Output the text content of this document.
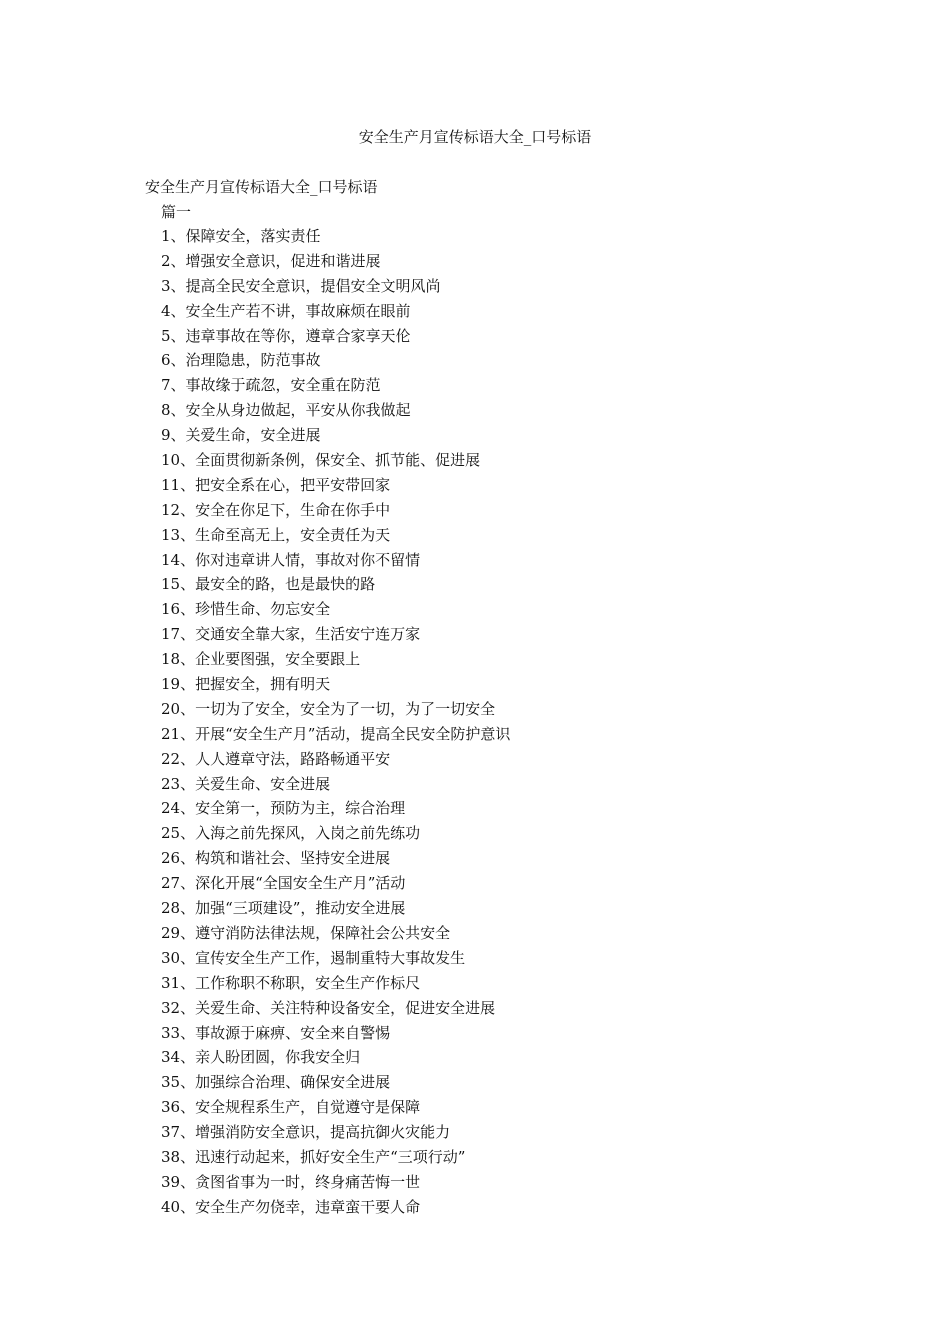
安全生产月宣传标语大全_口号标语
安全生产月宣传标语大全_口号标语
篇一
1、保障安全，落实责任
2、增强安全意识，促进和谐进展
3、提高全民安全意识，提倡安全文明风尚
4、安全生产若不讲，事故麻烦在眼前
5、违章事故在等你，遵章合家享天伦
6、治理隐患，防范事故
7、事故缘于疏忽，安全重在防范
8、安全从身边做起，平安从你我做起
9、关爱生命，安全进展
10、全面贯彻新条例，保安全、抓节能、促进展
11、把安全系在心，把平安带回家
12、安全在你足下，生命在你手中
13、生命至高无上，安全责任为天
14、你对违章讲人情，事故对你不留情
15、最安全的路，也是最快的路
16、珍惜生命、勿忘安全
17、交通安全靠大家，生活安宁连万家
18、企业要图强，安全要跟上
19、把握安全，拥有明天
20、一切为了安全，安全为了一切，为了一切安全
21、开展“安全生产月”活动，提高全民安全防护意识
22、人人遵章守法，路路畅通平安
23、关爱生命、安全进展
24、安全第一，预防为主，综合治理
25、入海之前先探风，入岗之前先练功
26、构筑和谐社会、坚持安全进展
27、深化开展“全国安全生产月”活动
28、加强“三项建设”，推动安全进展
29、遵守消防法律法规，保障社会公共安全
30、宣传安全生产工作，遏制重特大事故发生
31、工作称职不称职，安全生产作标尺
32、关爱生命、关注特种设备安全，促进安全进展
33、事故源于麻痹、安全来自警惕
34、亲人盼团圆，你我安全归
35、加强综合治理、确保安全进展
36、安全规程系生产，自觉遵守是保障
37、增强消防安全意识，提高抗御火灾能力
38、迅速行动起来，抓好安全生产“三项行动”
39、贪图省事为一时，终身痛苦悔一世
40、安全生产勿侥幸，违章蛮干要人命
